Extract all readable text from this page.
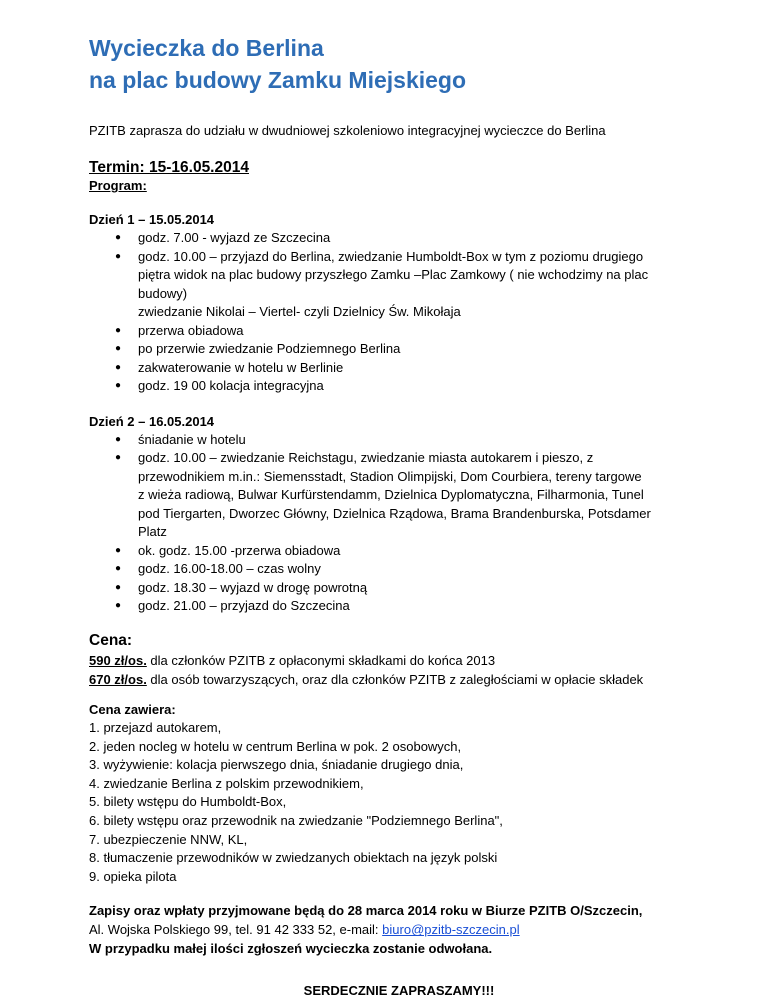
Wycieczka do Berlina
na plac budowy Zamku Miejskiego
PZITB zaprasza do udziału w dwudniowej szkoleniowo integracyjnej wycieczce do Berlina
Termin: 15-16.05.2014
Program:
Dzień 1 – 15.05.2014
● godz. 7.00 - wyjazd ze Szczecina
● godz. 10.00 – przyjazd do Berlina, zwiedzanie Humboldt-Box w tym z poziomu drugiego
piętra widok na plac budowy przyszłego Zamku –Plac Zamkowy ( nie wchodzimy na plac
budowy)
zwiedzanie Nikolai – Viertel- czyli Dzielnicy Św. Mikołaja
● przerwa obiadowa
● po przerwie zwiedzanie Podziemnego Berlina
● zakwaterowanie w hotelu w Berlinie
● godz. 19 00 kolacja integracyjna
Dzień 2 – 16.05.2014
● śniadanie w hotelu
● godz. 10.00 – zwiedzanie Reichstagu, zwiedzanie miasta autokarem i pieszo, z
przewodnikiem m.in.: Siemensstadt, Stadion Olimpijski, Dom Courbiera, tereny targowe
z wieża radiową, Bulwar Kurfürstendamm, Dzielnica Dyplomatyczna, Filharmonia, Tunel
pod Tiergarten, Dworzec Główny, Dzielnica Rządowa, Brama Brandenburska, Potsdamer
Platz
● ok. godz. 15.00 -przerwa obiadowa
● godz. 16.00-18.00 – czas wolny
● godz. 18.30 – wyjazd w drogę powrotną
● godz. 21.00 – przyjazd do Szczecina
Cena:
590 zł/os. dla członków PZITB z opłaconymi składkami do końca 2013
670 zł/os. dla osób towarzyszących, oraz dla członków PZITB z zaległościami w opłacie składek
Cena zawiera:
1. przejazd autokarem,
2. jeden nocleg w hotelu w centrum Berlina w pok. 2 osobowych,
3. wyżywienie: kolacja pierwszego dnia, śniadanie drugiego dnia,
4. zwiedzanie Berlina z polskim przewodnikiem,
5. bilety wstępu do Humboldt-Box,
6. bilety wstępu oraz przewodnik na zwiedzanie "Podziemnego Berlina",
7. ubezpieczenie NNW, KL,
8. tłumaczenie przewodników w zwiedzanych obiektach na język polski
9. opieka pilota
Zapisy oraz wpłaty przyjmowane będą do 28 marca 2014 roku w Biurze PZITB O/Szczecin,
Al. Wojska Polskiego 99, tel. 91 42 333 52, e-mail: biuro@pzitb-szczecin.pl
W przypadku małej ilości zgłoszeń wycieczka zostanie odwołana.
SERDECZNIE ZAPRASZAMY!!!
